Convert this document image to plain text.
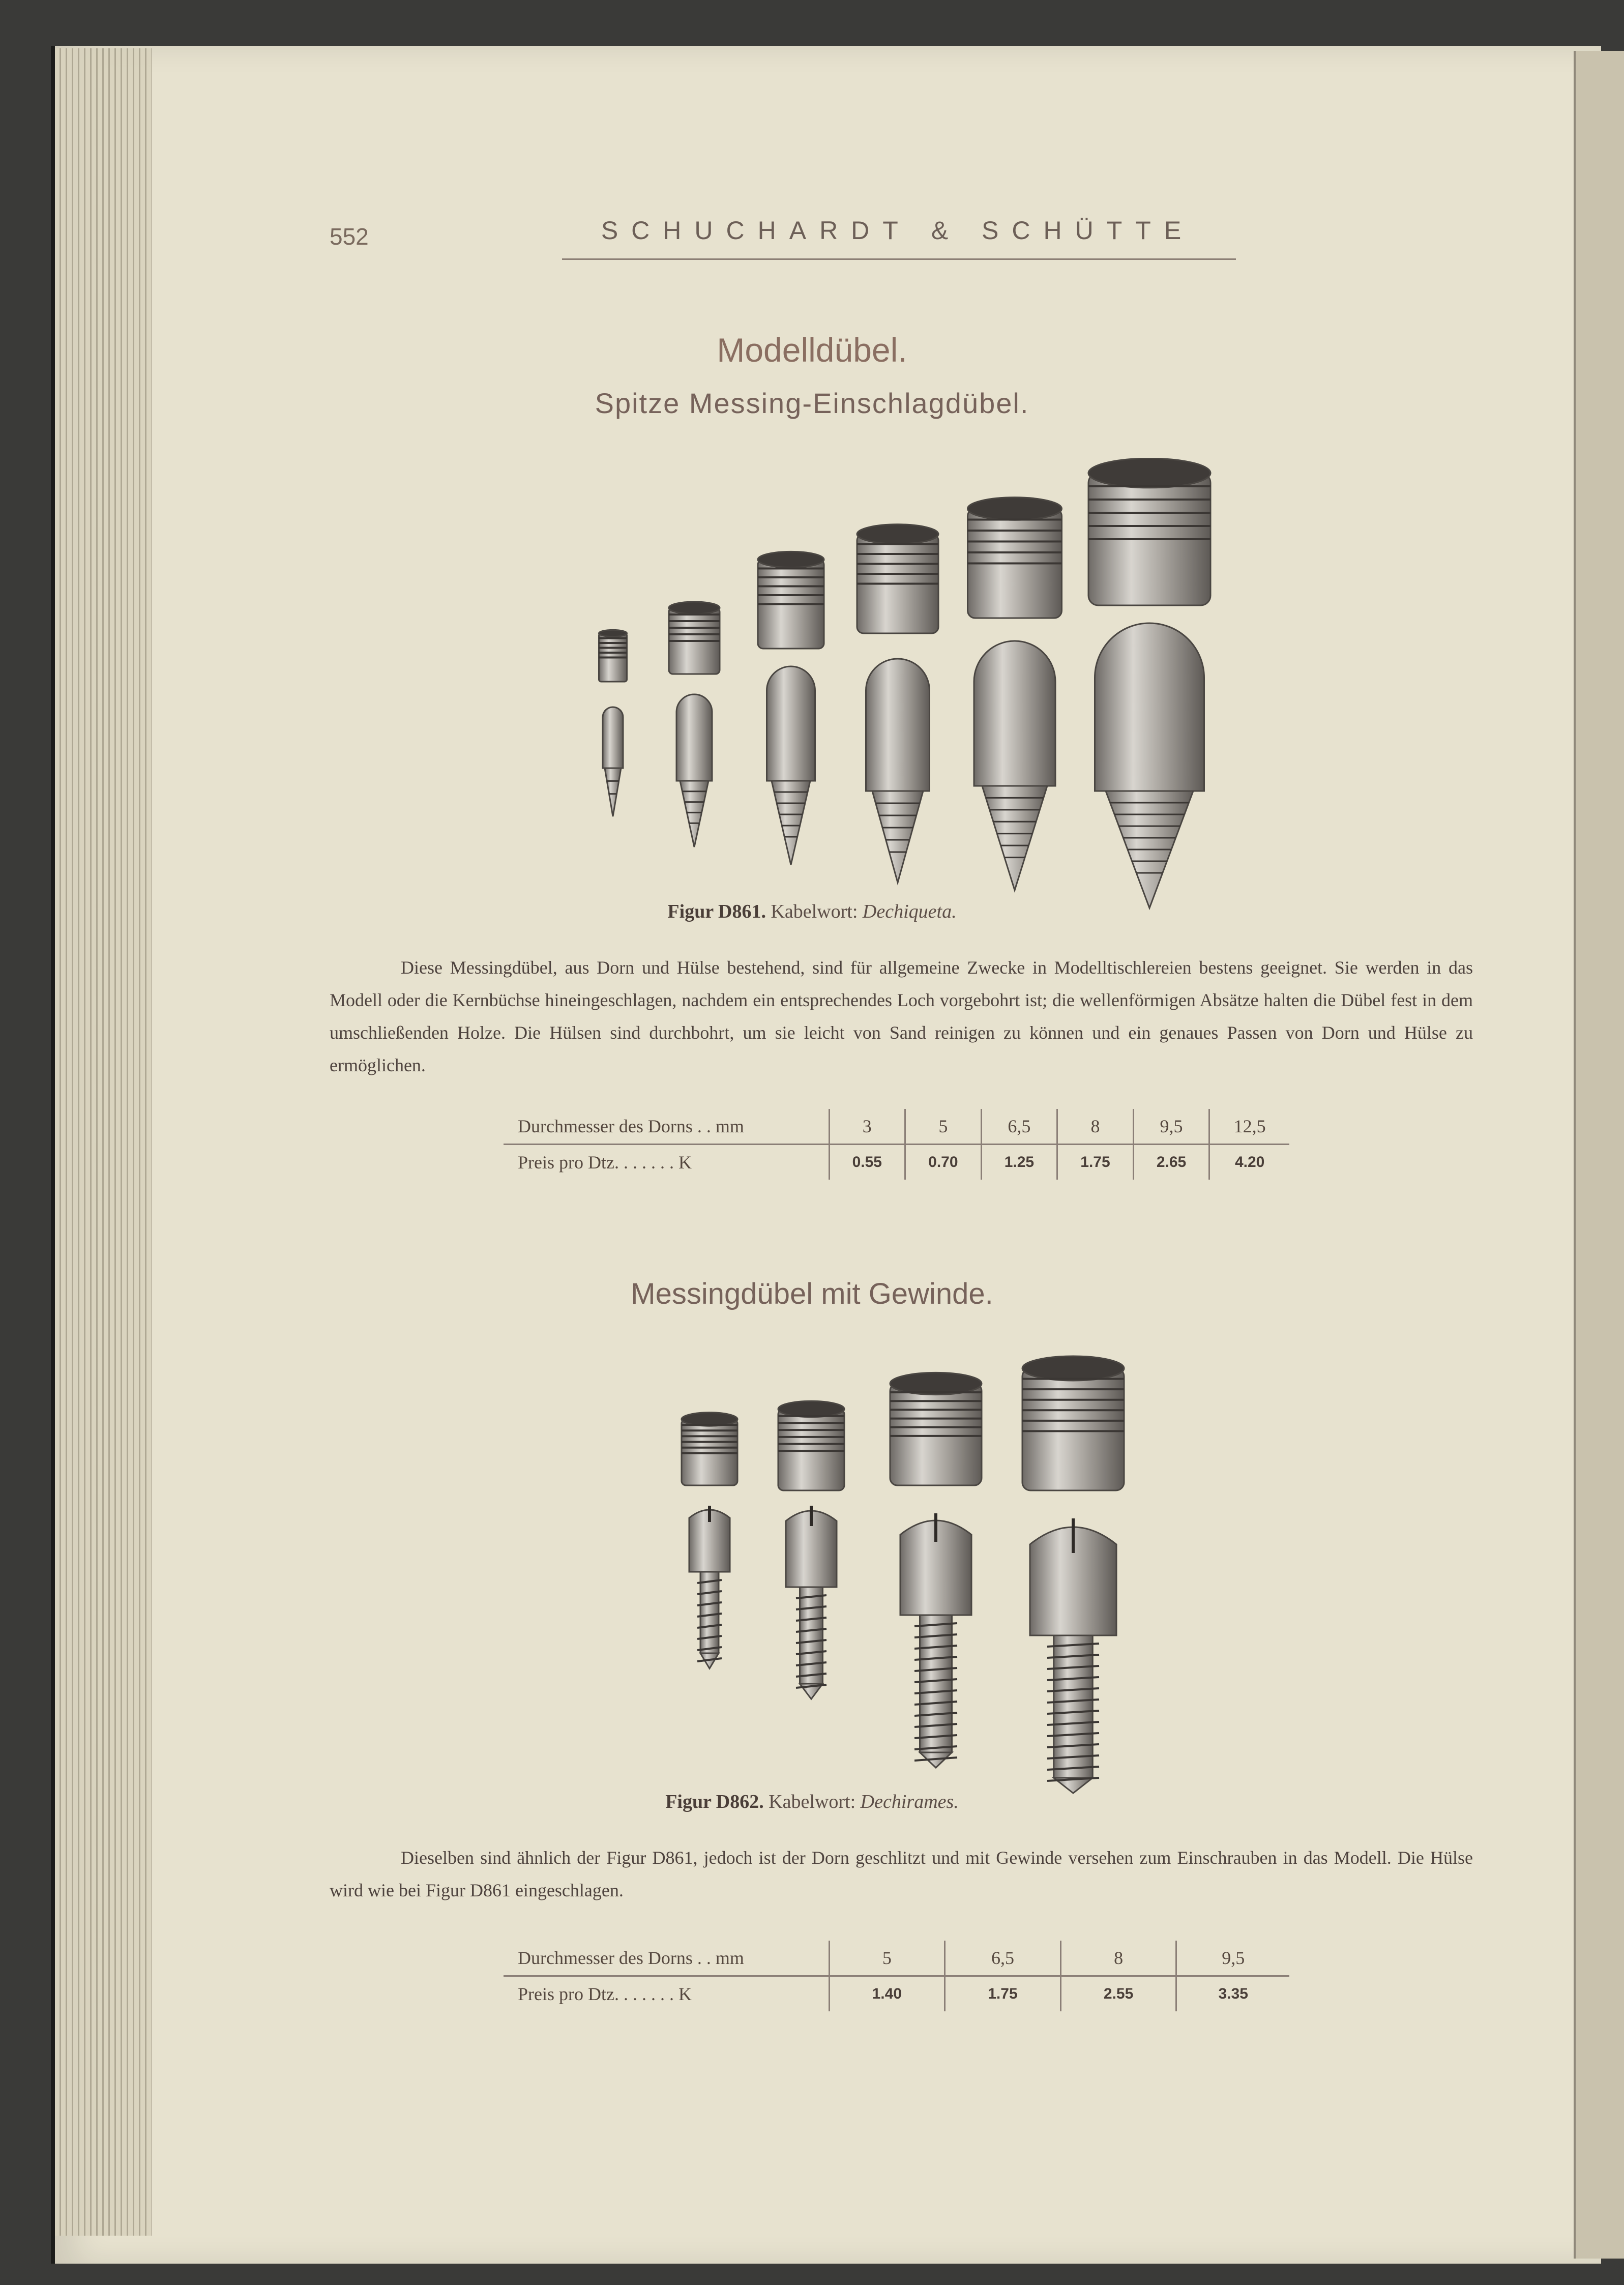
552	SCHUCHARDT & SCHÜTTE
Modelldübel.
Spitze Messing-Einschlagdübel.
Figur D861. Kabelwort: Dechiqueta.
Diese Messingdübel, aus Dorn und Hülse bestehend, sind für allgemeine Zwecke in Modelltischlereien bestens geeignet. Sie werden in das Modell oder die Kernbüchse hineingeschlagen, nachdem ein entsprechendes Loch vorgebohrt ist; die wellenförmigen Absätze halten die Dübel fest in dem umschließenden Holze. Die Hülsen sind durchbohrt, um sie leicht von Sand reinigen zu können und ein genaues Passen von Dorn und Hülse zu ermöglichen.
Durchmesser des Dorns . . mm	3	5	6,5	8	9,5	12,5
Preis pro Dtz. . . . . . . K	0.55	0.70	1.25	1.75	2.65	4.20
Messingdübel mit Gewinde.
Figur D862. Kabelwort: Dechirames.
Dieselben sind ähnlich der Figur D861, jedoch ist der Dorn geschlitzt und mit Gewinde versehen zum Einschrauben in das Modell. Die Hülse wird wie bei Figur D861 eingeschlagen.
Durchmesser des Dorns . . mm	5	6,5	8	9,5
Preis pro Dtz. . . . . . . K	1.40	1.75	2.55	3.35
